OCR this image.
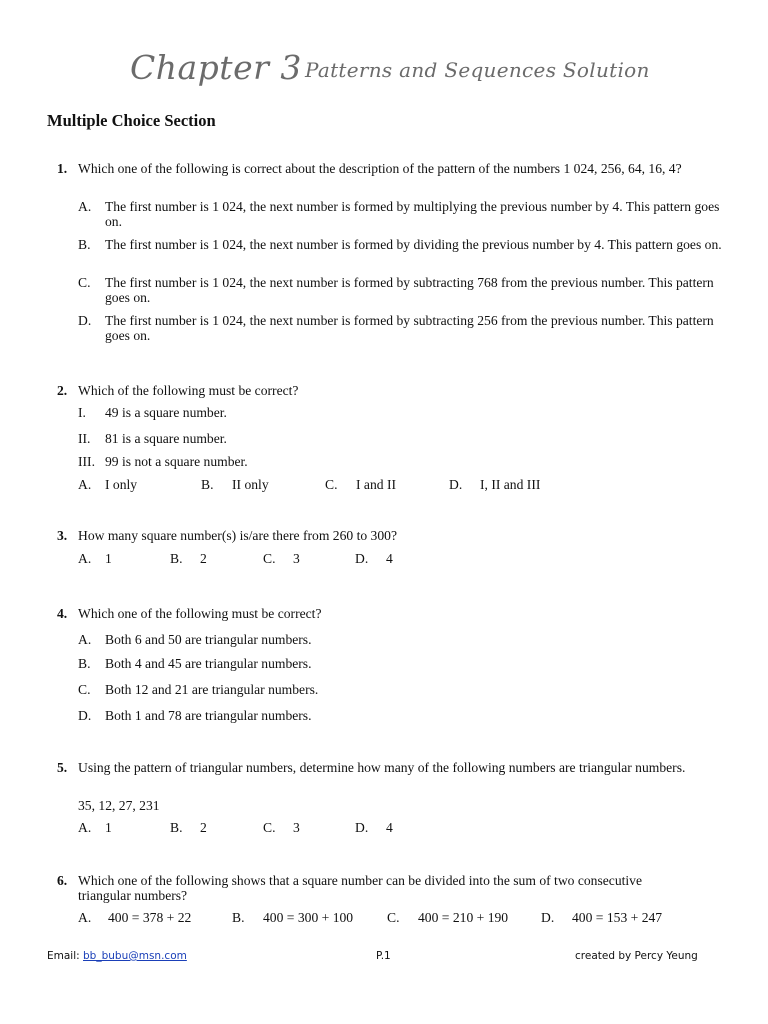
Chapter 3 Patterns and Sequences Solution
Multiple Choice Section
1. Which one of the following is correct about the description of the pattern of the numbers 1 024, 256, 64, 16, 4?
A. The first number is 1 024, the next number is formed by multiplying the previous number by 4. This pattern goes on.
B. The first number is 1 024, the next number is formed by dividing the previous number by 4. This pattern goes on.
C. The first number is 1 024, the next number is formed by subtracting 768 from the previous number. This pattern goes on.
D. The first number is 1 024, the next number is formed by subtracting 256 from the previous number. This pattern goes on.
2. Which of the following must be correct?
I. 49 is a square number.
II. 81 is a square number.
III. 99 is not a square number.
A. I only	B. II only	C. I and II	D. I, II and III
3. How many square number(s) is/are there from 260 to 300?
A. 1	B. 2	C. 3	D. 4
4. Which one of the following must be correct?
A. Both 6 and 50 are triangular numbers.
B. Both 4 and 45 are triangular numbers.
C. Both 12 and 21 are triangular numbers.
D. Both 1 and 78 are triangular numbers.
5. Using the pattern of triangular numbers, determine how many of the following numbers are triangular numbers.
35, 12, 27, 231
A. 1	B. 2	C. 3	D. 4
6. Which one of the following shows that a square number can be divided into the sum of two consecutive triangular numbers?
A. 400 = 378 + 22	B. 400 = 300 + 100 C. 400 = 210 + 190 D. 400 = 153 + 247
Email: bb_bubu@msn.com	P.1	created by Percy Yeung
